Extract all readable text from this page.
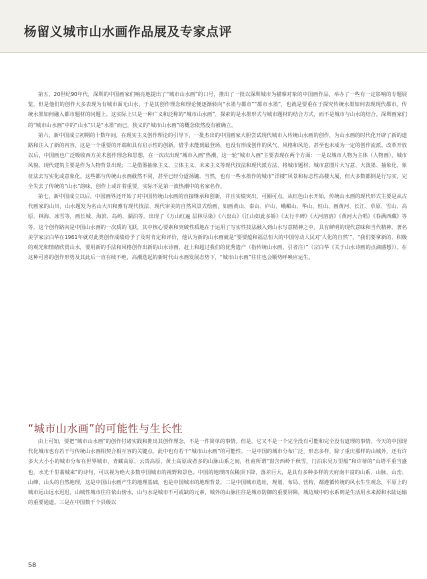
杨留义城市山水画作品展及专家点评

第五，20世纪90年代，深圳的中国画家们响亮地提出了“城市山水画”的口号，推出了一批以深圳城市为描摹对象的中国画作品，举办了一些有一定影响的专题展览。但是他们的创作大多表现为有城市面无山水，于是其创作理念和理论便逐渐转向“水墨与都市”“都市水墨”，也就是要重在于探究传统水墨如何表现现代都市。传统水墨如何融入都市题材的问题上。这实际上只是一种广义和泛称的“城市山水画”，探索的是水墨形式与城市题材的结合方式，而不是城市与山水的结合。深圳画家们的“城市山水画”中的“山水”只是“水墨”而已，狭义的“城市山水画”的概念依然没有被确立。

第六，新中国成立初期的十数年间，在现实主义创作理论的引导下，一批杰出的中国画家大胆尝试现代城市入传统山水画的创作，为山水画的时代化开辟了新的道路和注入了新的内容，这是一个重要的开端和具有启示性的创新。惜乎未能到最登场，也没有形成创作的风气，风格和风范，甚至也未成为一定的创作流派。改革开放以后，中国画也广泛吸收西方美术创作理念和思想，在一次次出现“城市入画”热潮，这一轮“城市入画”主要表现在两个方面：一是以城市人物为主体（人物画），城市风貌、现代建筑主要是作为人物背景出现；二是借鉴抽象主义、立体主义、未来主义等现代技法和现代派方法，将城市题材、城市意图片大写意、大泼墨、抽象化、象征法去写实化或意象化。这些都与传统山水画截然不同，甚至已经分道扬镳。当然，也有一些水墨作的城市“洋楼”风景和标志性高楼大厦，但大多数都倒是行写实，完全失去了传统的“山水”韵味，创作上或许着重要，实际不足第一波热潮中的名家名作。

第七，新中国成立以后，中国画界还开始了对中国传统山水画的直接继承和创新，并且实绩突出，可圈可点。从红色山水开始，传统山水画的现代形式主要是从古代画家的山川，山水题发为名山大川和雅有现代技法、现代审美的自然风景式绘画，如画黄山、泰山、庐山、峨嵋山、华山、恒山、画黄河、长江、草原、雪山、高原、林海、冰雪等，画长城、海滨、岛屿、湖泊等。出现了《万山红遍 层林尽染》《六盘山》《江山如此多娇》《太行丰碑》《大河溶溶》《黄河大合唱》《春满西藏》等等。这个创作路向是中国山水画的一次质的飞跃，其中核心要素和突破性质地在于运用了写实性技法融入到山水写意精神之中，具有鲜明的现代意味和当代精神。著名美学家宗白华在1961年就对此类创作成绩给予了及时肯定和评价，他认为新的山水画就是“要要蕴和福总恒大的中国劳动人民对‘人化的自然’”，“我们要拿新的、积极的观光和情绪欣赏山水，要用新的手法和风格创作出新的山水诗画，赶上和超过我们的优秀遗产（指传统山水画，引者注）”（宗白华《关于山水诗画的点滴感想》）。在这种可喜的创作形势及其此后一直在续不绝，高潮迭起的新时代山水画发展态势下，“城市山水画”往往也会顺势呼唤应运生。

“城市山水画”的可能性与生长性

由上可知，要把“城市山水画”的创作付诸实践和推出其创作理念，不是一件简单的事情。但是，它又不是一个完全没有可能和完全没有道理的事情。今天的中国现代化城市也有若干与传统山水画相契合相互容的关键点。此中也有若干“城市山水画”的可能性。一是中国的城市分布广泛，形态多样，除了重庆那样的山城外，还有许多大大小小的城市分布在世界城市，青藏高原、云贵高原、黄土高原或者多的山脉山系之间，杜甫所谓“窗含西岭千秋雪，门泊东吴万里船”和许蒂的“山塔平重当盛也，水光千里翡城来”的诗句，可以视为绝大多数中国城市的视野和景色。中国的地理四东稀顶下降，落差巨大，是具有多种多样的天府南丰富的山系、山脉、山峦、山峰，山头的自然地理，这是中国山水画产生的地理基础，也是中国城市的地理背景。二是中国城市选址，规划、布局、营构，都遵循传统的风水生生观念，平原上的城市远山远水迟迟，山城性城市往往依山傍水，山与水是城市不可或缺的元素，城外的山脉往往是城市防御的重要屏障，城边城中的水系则是生活用水来源和水陆运输的重要通道。三是在中国数千个县级以

58
